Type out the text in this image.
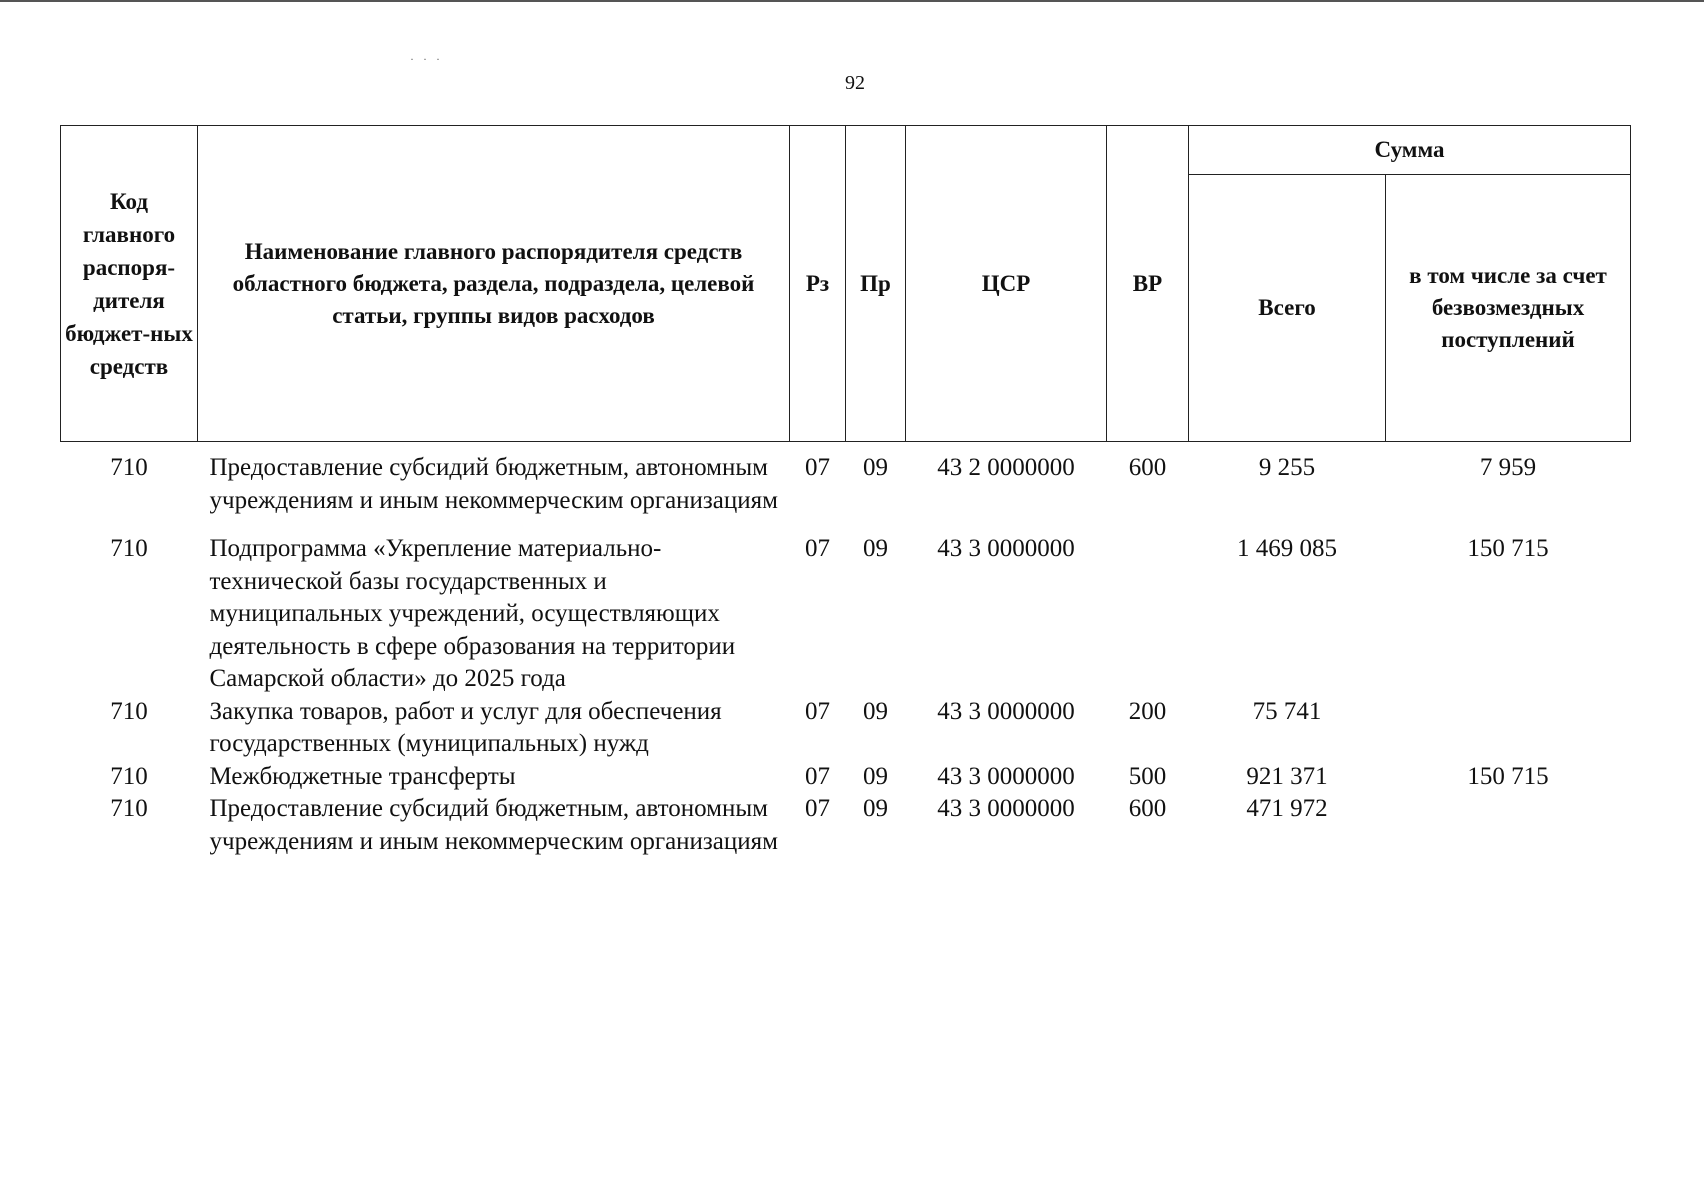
· · ·
92
Код главного распоря-дителя бюджет-ных средств	Наименование главного распорядителя средств областного бюджета, раздела, подраздела, целевой статьи, группы видов расходов	Рз	Пр	ЦСР	ВР	Сумма	
						Всего	в том числе за счет безвозмездных поступлений
710	Предоставление субсидий бюджетным, автономным учреждениям и иным некоммерческим организациям	07	09	43 2 0000000	600	9 255	7 959
710	Подпрограмма «Укрепление материально-технической базы государственных и муниципальных учреждений, осуществляющих деятельность в сфере образования на территории Самарской области» до 2025 года	07	09	43 3 0000000		1 469 085	150 715
710	Закупка товаров, работ и услуг для обеспечения государственных (муниципальных) нужд	07	09	43 3 0000000	200	75 741	
710	Межбюджетные трансферты	07	09	43 3 0000000	500	921 371	150 715
710	Предоставление субсидий бюджетным, автономным учреждениям и иным некоммерческим организациям	07	09	43 3 0000000	600	471 972	
